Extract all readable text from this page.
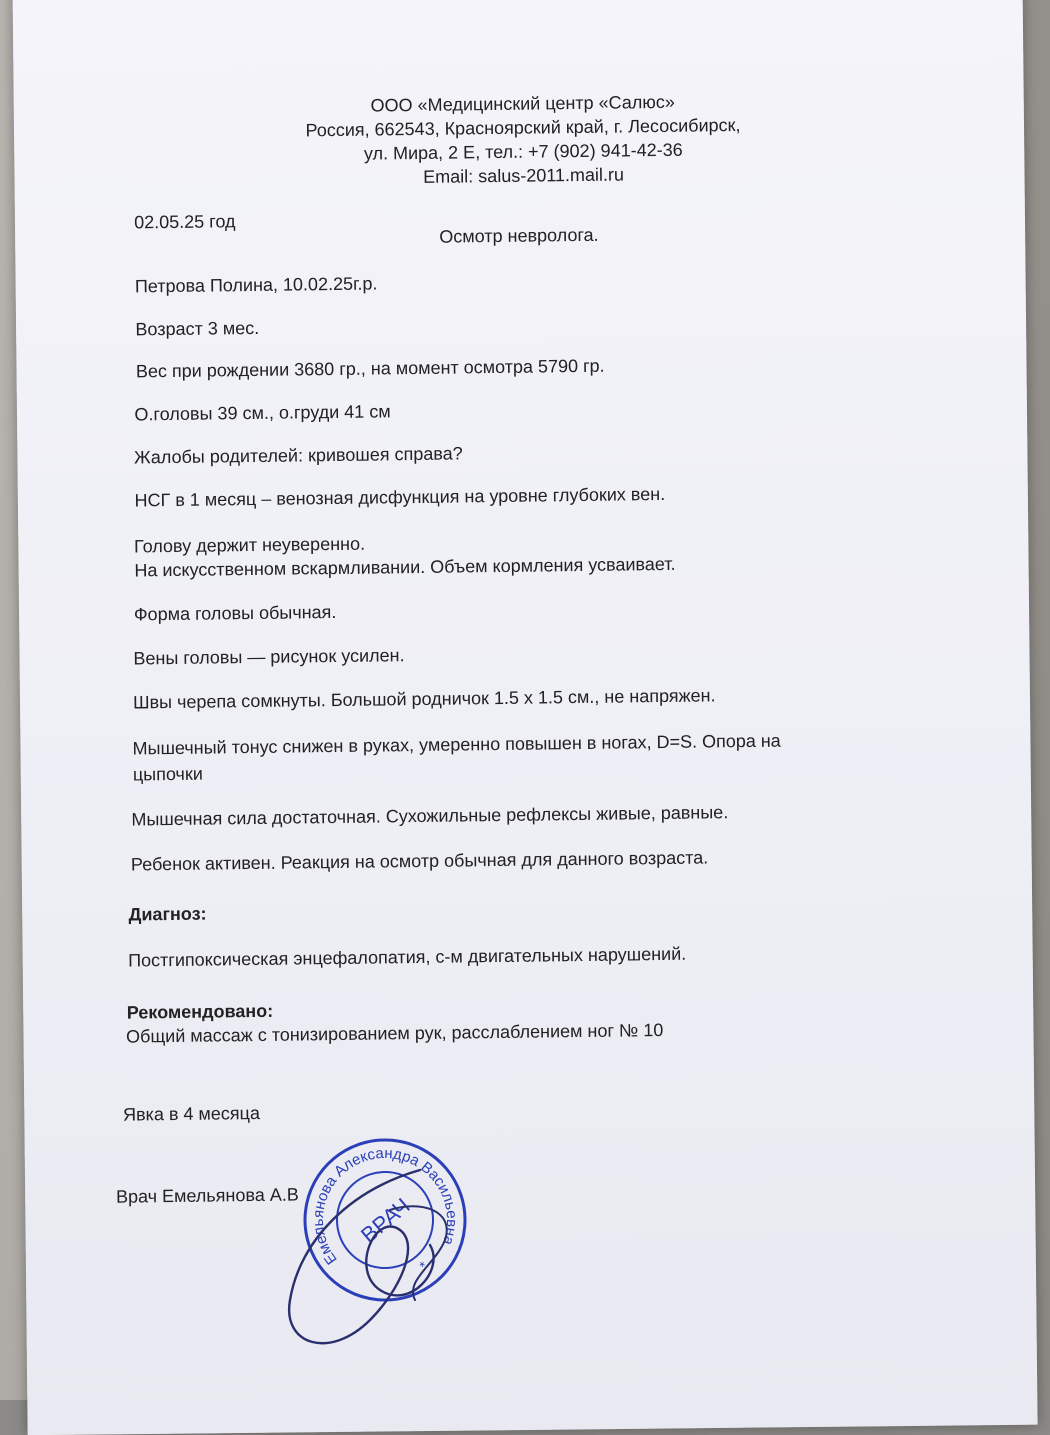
ООО «Медицинский центр «Салюс»
Россия, 662543, Красноярский край, г. Лесосибирск,
ул. Мира, 2 Е, тел.: +7 (902) 941-42-36
Email: salus-2011.mail.ru
02.05.25 год
Осмотр невролога.
Петрова Полина, 10.02.25г.р.
Возраст 3 мес.
Вес при рождении 3680 гр., на момент осмотра 5790 гр.
О.головы 39 см., о.груди 41 см
Жалобы родителей: кривошея справа?
НСГ в 1 месяц – венозная дисфункция на уровне глубоких вен.
Голову держит неуверенно.
На искусственном вскармливании. Объем кормления усваивает.
Форма головы обычная.
Вены головы — рисунок усилен.
Швы черепа сомкнуты. Большой родничок 1.5 х 1.5 см., не напряжен.
Мышечный тонус снижен в руках, умеренно повышен в ногах, D=S. Опора на
цыпочки
Мышечная сила достаточная. Сухожильные рефлексы живые, равные.
Ребенок активен. Реакция на осмотр обычная для данного возраста.
Диагноз:
Постгипоксическая энцефалопатия, с-м двигательных нарушений.
Рекомендовано:
Общий массаж с тонизированием рук, расслаблением ног № 10
Явка в 4 месяца
Врач Емельянова А.В
Емельянова Александра Васильевна
ВРАЧ
*
